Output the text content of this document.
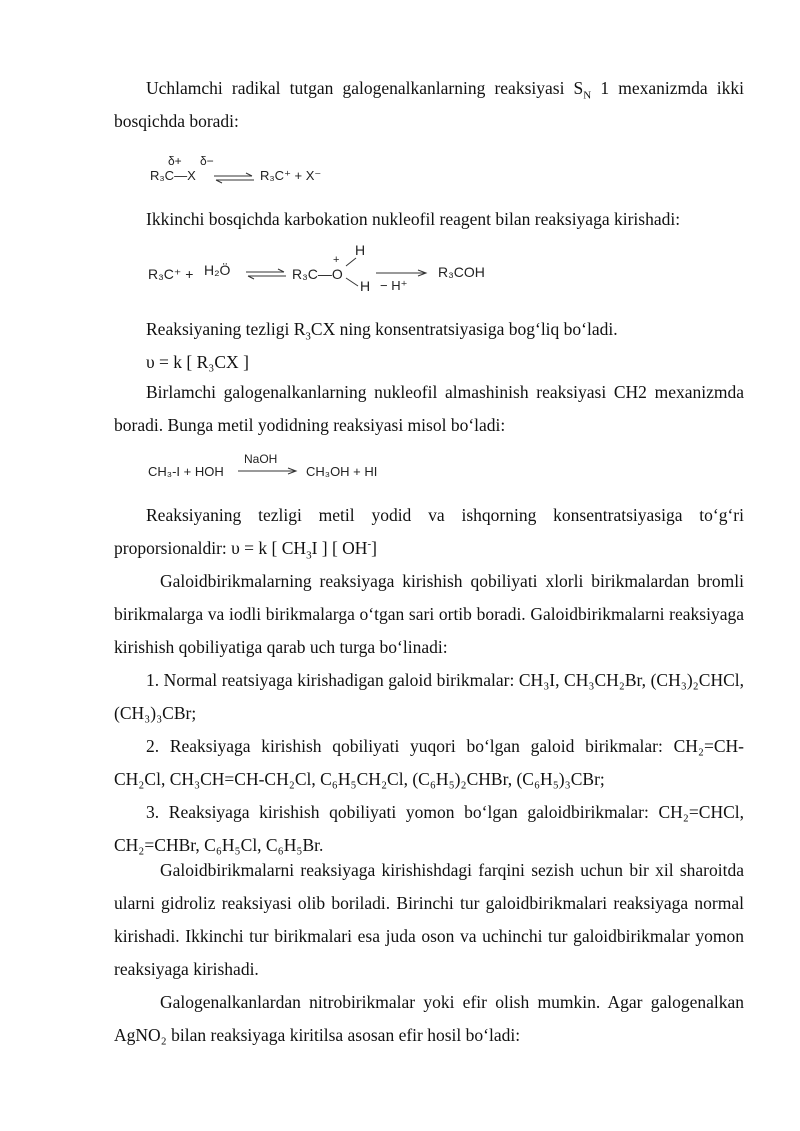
Uchlamchi radikal tutgan galogenalkanlarning reaksiyasi $S_N$ 1 mexanizmda ikki bosqichda boradi:
δ+ δ−
R₃C—X ⇌ R₃C⁺ + X⁻
Ikkinchi bosqichda karbokation nukleofil reagent bilan reaksiyaga kirishadi:
R₃C⁺ + H₂Ö ⇌ R₃C—O
+
H
H − H⁺
R₃COH
Reaksiyaning tezligi $R_3CX$ ning konsentratsiyasiga bog‘liq bo‘ladi.
υ = k [ R₃CX ]
Birlamchi galogenalkanlarning nukleofil almashinish reaksiyasi CH2 mexanizmda boradi. Bunga metil yodidning reaksiyasi misol bo‘ladi:
CH₃-I + HOH
NaOH
→ CH₃OH + HI
Reaksiyaning tezligi metil yodid va ishqorning konsentratsiyasiga to‘g‘ri proporsionaldir: υ = k [ $CH_3I$ ] [ OH-]
Galoidbirikmalarning reaksiyaga kirishish qobiliyati xlorli birikmalardan bromli birikmalarga va iodli birikmalarga o‘tgan sari ortib boradi. Galoidbirikmalarni reaksiyaga kirishish qobiliyatiga qarab uch turga bo‘linadi:
1. Normal reatsiyaga kirishadigan galoid birikmalar: CH₃I, CH₃CH₂Br, (CH₃)₂CHCl, (CH₃)₃CBr;
2. Reaksiyaga kirishish qobiliyati yuqori bo‘lgan galoid birikmalar: CH₂=CH-CH₂Cl, CH₃CH=CH-CH₂Cl, C₆H₅CH₂Cl, (C₆H₅)₂CHBr, (C₆H₅)₃CBr;
3. Reaksiyaga kirishish qobiliyati yomon bo‘lgan galoidbirikmalar: CH₂=CHCl, CH₂=CHBr, C₆H₅Cl, C₆H₅Br.
Galoidbirikmalarni reaksiyaga kirishishdagi farqini sezish uchun bir xil sharoitda ularni gidroliz reaksiyasi olib boriladi. Birinchi tur galoidbirikmalari reaksiyaga normal kirishadi. Ikkinchi tur birikmalari esa juda oson va uchinchi tur galoidbirikmalar yomon reaksiyaga kirishadi.
Galogenalkanlardan nitrobirikmalar yoki efir olish mumkin. Agar galogenalkan AgNO₂ bilan reaksiyaga kiritilsa asosan efir hosil bo‘ladi:
